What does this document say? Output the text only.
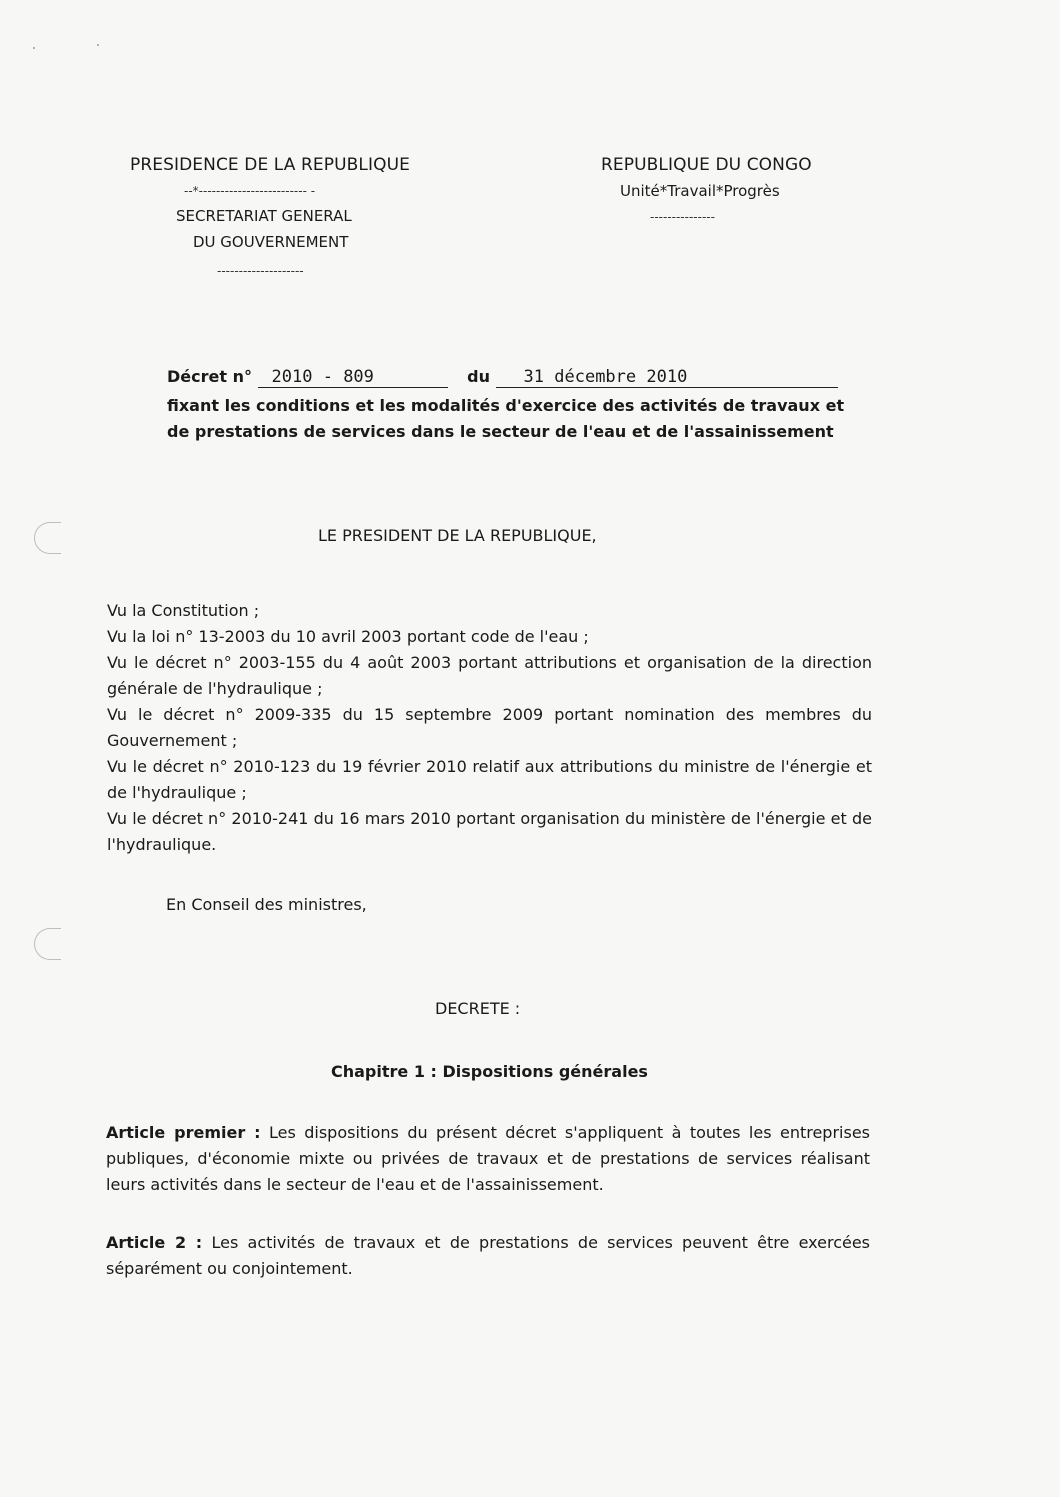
PRESIDENCE DE LA REPUBLIQUE
--*------------------------- -
SECRETARIAT GENERAL
DU GOUVERNEMENT
--------------------
REPUBLIQUE DU CONGO
Unité*Travail*Progrès
---------------
Décret n° 2010 - 809	du 31 décembre 2010
fixant les conditions et les modalités d'exercice des activités de travaux et
de prestations de services dans le secteur de l'eau et de l'assainissement
LE PRESIDENT DE LA REPUBLIQUE,
Vu la Constitution ;
Vu la loi n° 13-2003 du 10 avril 2003 portant code de l'eau ;
Vu le décret n° 2003-155 du 4 août 2003 portant attributions et organisation de la direction générale de l'hydraulique ;
Vu le décret n° 2009-335 du 15 septembre 2009 portant nomination des membres du Gouvernement ;
Vu le décret n° 2010-123 du 19 février 2010 relatif aux attributions du ministre de l'énergie et de l'hydraulique ;
Vu le décret n° 2010-241 du 16 mars 2010 portant organisation du ministère de l'énergie et de l'hydraulique.
En Conseil des ministres,
DECRETE :
Chapitre 1 : Dispositions générales
Article premier : Les dispositions du présent décret s'appliquent à toutes les entreprises publiques, d'économie mixte ou privées de travaux et de prestations de services réalisant leurs activités dans le secteur de l'eau et de l'assainissement.
Article 2 : Les activités de travaux et de prestations de services peuvent être exercées séparément ou conjointement.
